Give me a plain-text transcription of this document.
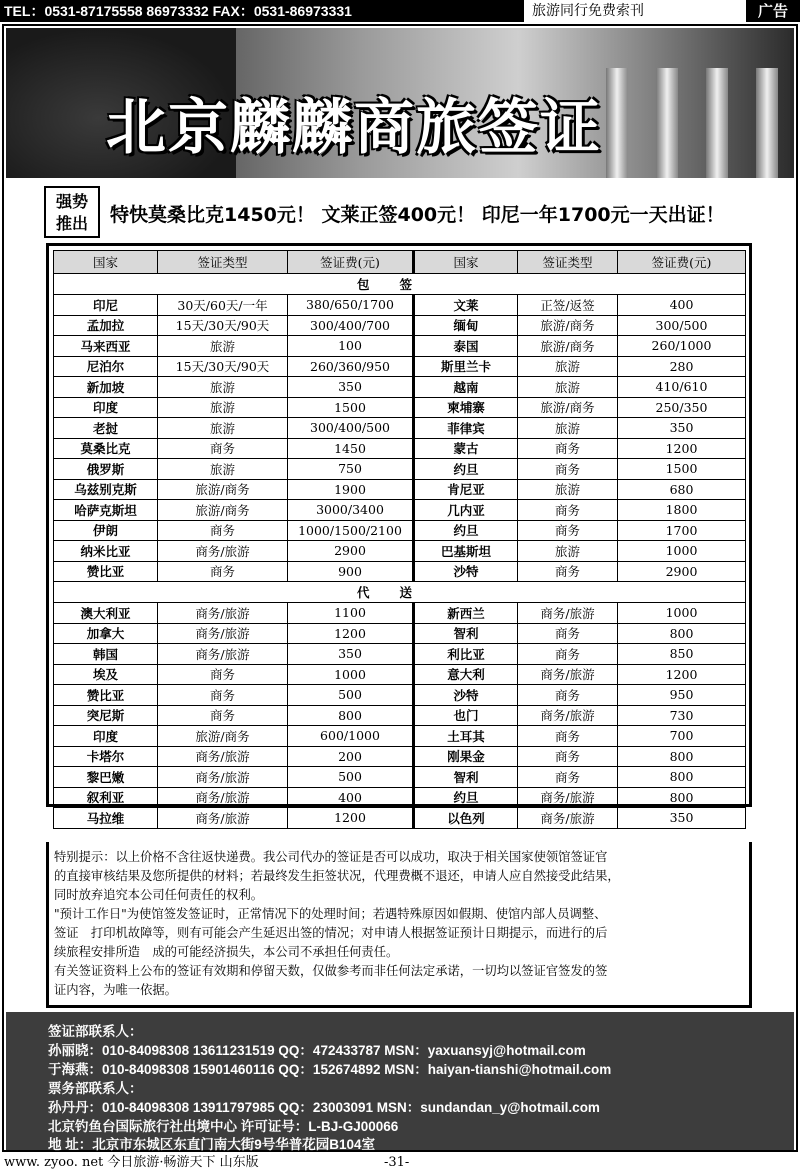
TEL：0531-87175558 86973332 FAX：0531-86973331	旅游同行免费索刊	广告
北京麟麟商旅签证
强势
推出	特快莫桑比克1450元！ 文莱正签400元！ 印尼一年1700元一天出证！
国家	签证类型	签证费(元)	国家	签证类型	签证费(元)
包签					
印尼	30天/60天/一年	380/650/1700	文莱	正签/返签	400
孟加拉	15天/30天/90天	300/400/700	缅甸	旅游/商务	300/500
马来西亚	旅游	100	泰国	旅游/商务	260/1000
尼泊尔	15天/30天/90天	260/360/950	斯里兰卡	旅游	280
新加坡	旅游	350	越南	旅游	410/610
印度	旅游	1500	柬埔寨	旅游/商务	250/350
老挝	旅游	300/400/500	菲律宾	旅游	350
莫桑比克	商务	1450	蒙古	商务	1200
俄罗斯	旅游	750	约旦	商务	1500
乌兹别克斯	旅游/商务	1900	肯尼亚	旅游	680
哈萨克斯坦	旅游/商务	3000/3400	几内亚	商务	1800
伊朗	商务	1000/1500/2100	约旦	商务	1700
纳米比亚	商务/旅游	2900	巴基斯坦	旅游	1000
赞比亚	商务	900	沙特	商务	2900
代送					
澳大利亚	商务/旅游	1100	新西兰	商务/旅游	1000
加拿大	商务/旅游	1200	智利	商务	800
韩国	商务/旅游	350	利比亚	商务	850
埃及	商务	1000	意大利	商务/旅游	1200
赞比亚	商务	500	沙特	商务	950
突尼斯	商务	800	也门	商务/旅游	730
印度	旅游/商务	600/1000	土耳其	商务	700
卡塔尔	商务/旅游	200	刚果金	商务	800
黎巴嫩	商务/旅游	500	智利	商务	800
叙利亚	商务/旅游	400	约旦	商务/旅游	800
马拉维	商务/旅游	1200	以色列	商务/旅游	350
特别提示：以上价格不含往返快递费。我公司代办的签证是否可以成功，取决于相关国家使领馆签证官
的直接审核结果及您所提供的材料；若最终发生拒签状况，代理费概不退还，申请人应自然接受此结果，
同时放弃追究本公司任何责任的权利。
"预计工作日"为使馆签发签证时，正常情况下的处理时间；若遇特殊原因如假期、使馆内部人员调整、
签证　打印机故障等，则有可能会产生延迟出签的情况；对申请人根据签证预计日期提示，而进行的后
续旅程安排所造　成的可能经济损失，本公司不承担任何责任。
有关签证资料上公布的签证有效期和停留天数，仅做参考而非任何法定承诺，一切均以签证官签发的签
证内容，为唯一依据。
签证部联系人：
孙丽晓：010-84098308 13611231519 QQ：472433787 MSN：yaxuansyj@hotmail.com
于海燕：010-84098308 15901460116 QQ：152674892 MSN：haiyan-tianshi@hotmail.com
票务部联系人：
孙丹丹：010-84098308 13911797985 QQ：23003091 MSN：sundandan_y@hotmail.com
北京钓鱼台国际旅行社出境中心 许可证号：L-BJ-GJ00066
地 址：北京市东城区东直门南大街9号华普花园B104室
www. zyoo. net 今日旅游·畅游天下 山东版	-31-
